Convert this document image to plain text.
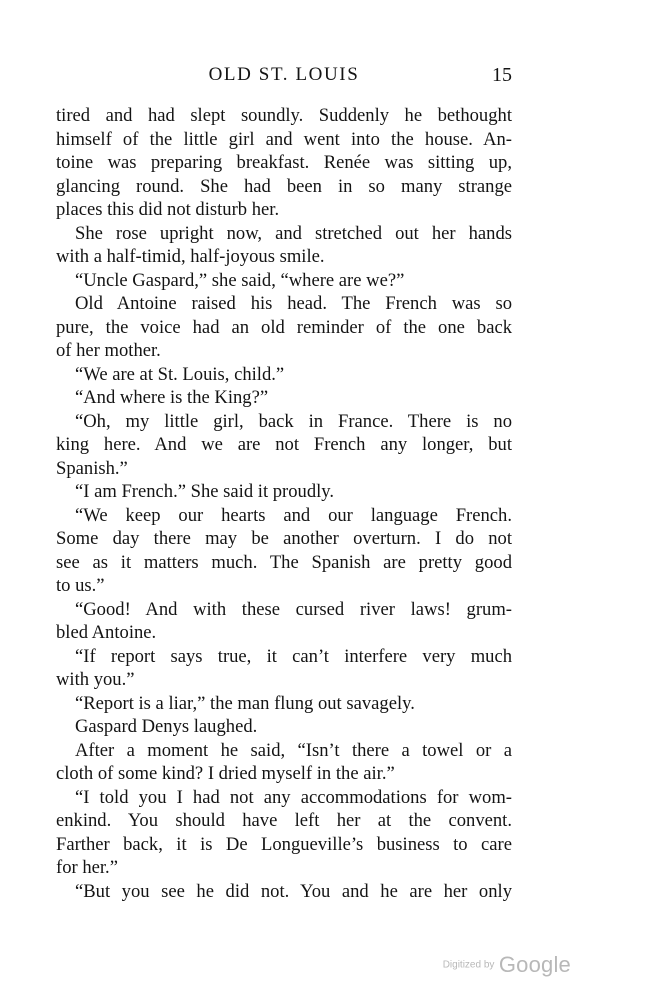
OLD ST. LOUIS	15
tired and had slept soundly. Suddenly he bethought
himself of the little girl and went into the house. An-
toine was preparing breakfast. Renée was sitting up,
glancing round. She had been in so many strange
places this did not disturb her.
She rose upright now, and stretched out her hands
with a half-timid, half-joyous smile.
“Uncle Gaspard,” she said, “where are we?”
Old Antoine raised his head. The French was so
pure, the voice had an old reminder of the one back
of her mother.
“We are at St. Louis, child.”
“And where is the King?”
“Oh, my little girl, back in France. There is no
king here. And we are not French any longer, but
Spanish.”
“I am French.” She said it proudly.
“We keep our hearts and our language French.
Some day there may be another overturn. I do not
see as it matters much. The Spanish are pretty good
to us.”
“Good! And with these cursed river laws! grum-
bled Antoine.
“If report says true, it can’t interfere very much
with you.”
“Report is a liar,” the man flung out savagely.
Gaspard Denys laughed.
After a moment he said, “Isn’t there a towel or a
cloth of some kind? I dried myself in the air.”
“I told you I had not any accommodations for wom-
enkind. You should have left her at the convent.
Farther back, it is De Longueville’s business to care
for her.”
“But you see he did not. You and he are her only
Digitized by Google
